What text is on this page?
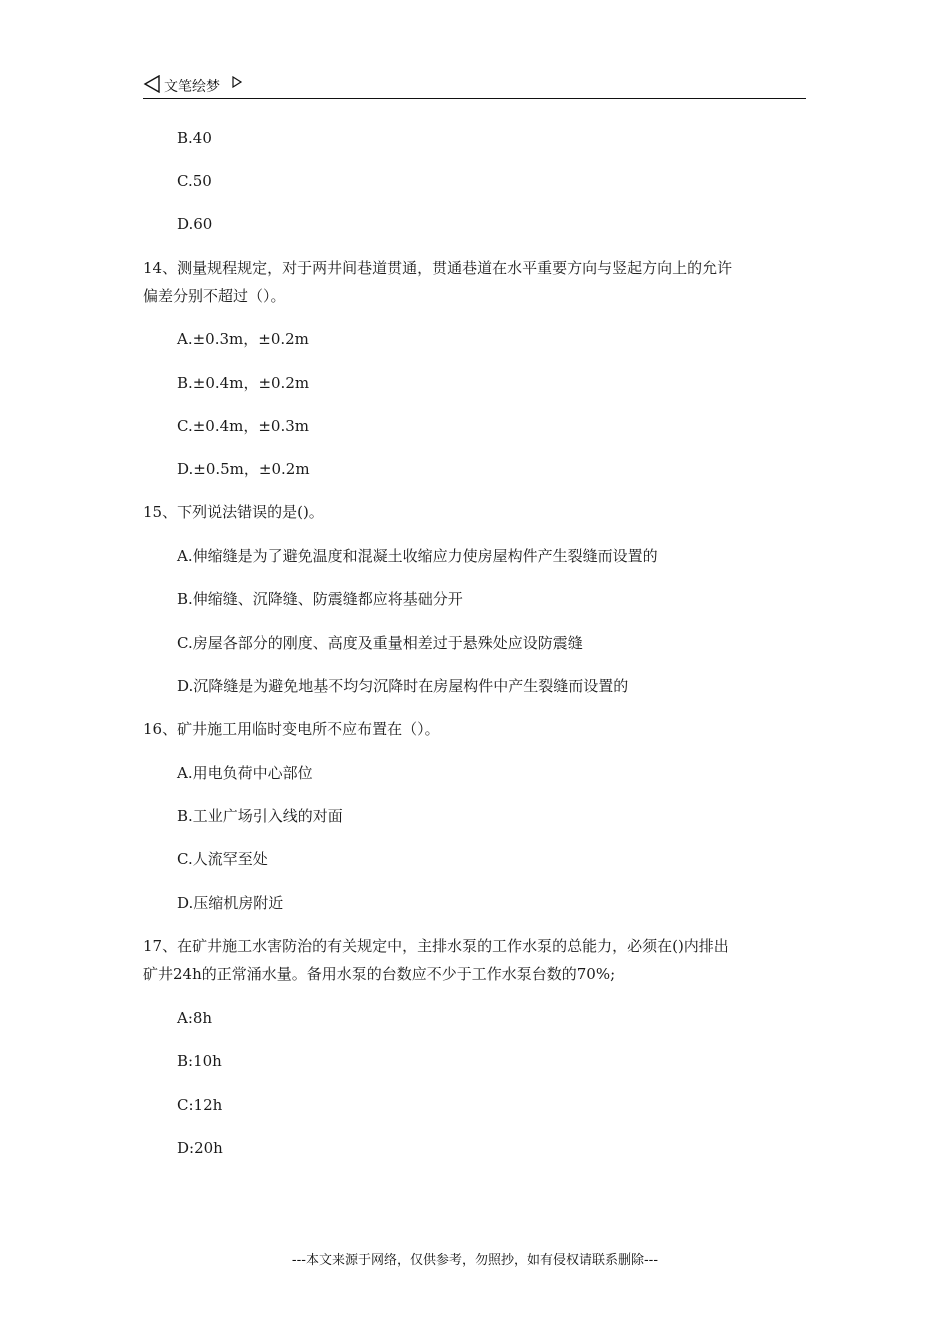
文笔绘梦
B.40
C.50
D.60
14、测量规程规定，对于两井间巷道贯通，贯通巷道在水平重要方向与竖起方向上的允许
偏差分别不超过（）。
A.±0.3m，±0.2m
B.±0.4m，±0.2m
C.±0.4m，±0.3m
D.±0.5m，±0.2m
15、下列说法错误的是()。
A.伸缩缝是为了避免温度和混凝土收缩应力使房屋构件产生裂缝而设置的
B.伸缩缝、沉降缝、防震缝都应将基础分开
C.房屋各部分的刚度、高度及重量相差过于悬殊处应设防震缝
D.沉降缝是为避免地基不均匀沉降时在房屋构件中产生裂缝而设置的
16、矿井施工用临时变电所不应布置在（）。
A.用电负荷中心部位
B.工业广场引入线的对面
C.人流罕至处
D.压缩机房附近
17、在矿井施工水害防治的有关规定中，主排水泵的工作水泵的总能力，必须在()内排出
矿井24h的正常涌水量。备用水泵的台数应不少于工作水泵台数的70%;
A:8h
B:10h
C:12h
D:20h
---本文来源于网络，仅供参考，勿照抄，如有侵权请联系删除---
